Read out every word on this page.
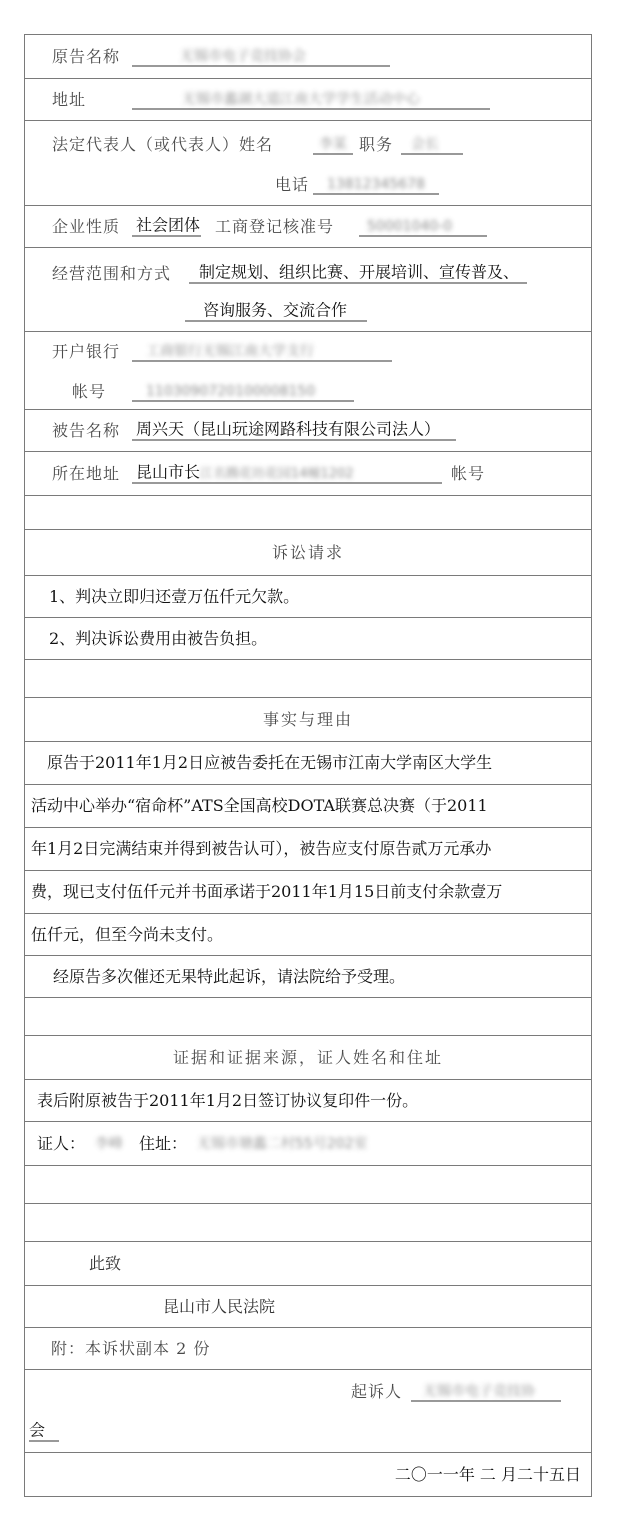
原告名称	无锡市电子竞技协会
地址	无锡市蠡湖大道江南大学学生活动中心
法定代表人（或代表人）姓名	李某 职务	会长
电话	13812345678
企业性质 社会团体 工商登记核准号	50001040-0
经营范围和方式	制定规划、组织比赛、开展培训、宣传普及、
咨询服务、交流合作
开户银行	工商银行无锡江南大学支行
帐号	1103090720100008150
被告名称 周兴天（昆山玩途网路科技有限公司法人）
所在地址 昆山市长江名腾花坊花园14幢1202	帐号
诉讼请求
1、判决立即归还壹万伍仟元欠款。
2、判决诉讼费用由被告负担。
事实与理由
原告于2011年1月2日应被告委托在无锡市江南大学南区大学生
活动中心举办“宿命杯”ATS全国高校DOTA联赛总决赛（于2011
年1月2日完满结束并得到被告认可），被告应支付原告贰万元承办
费，现已支付伍仟元并书面承诺于2011年1月15日前支付余款壹万
伍仟元，但至今尚未支付。
经原告多次催还无果特此起诉，请法院给予受理。
证据和证据来源，证人姓名和住址
表后附原被告于2011年1月2日签订协议复印件一份。
证人： 李峰 住址： 无锡市塘蠡二村55号202室
此致
昆山市人民法院
附：本诉状副本 2 份
起诉人	无锡市电子竞技协
会
二〇一一年 二 月二十五日
